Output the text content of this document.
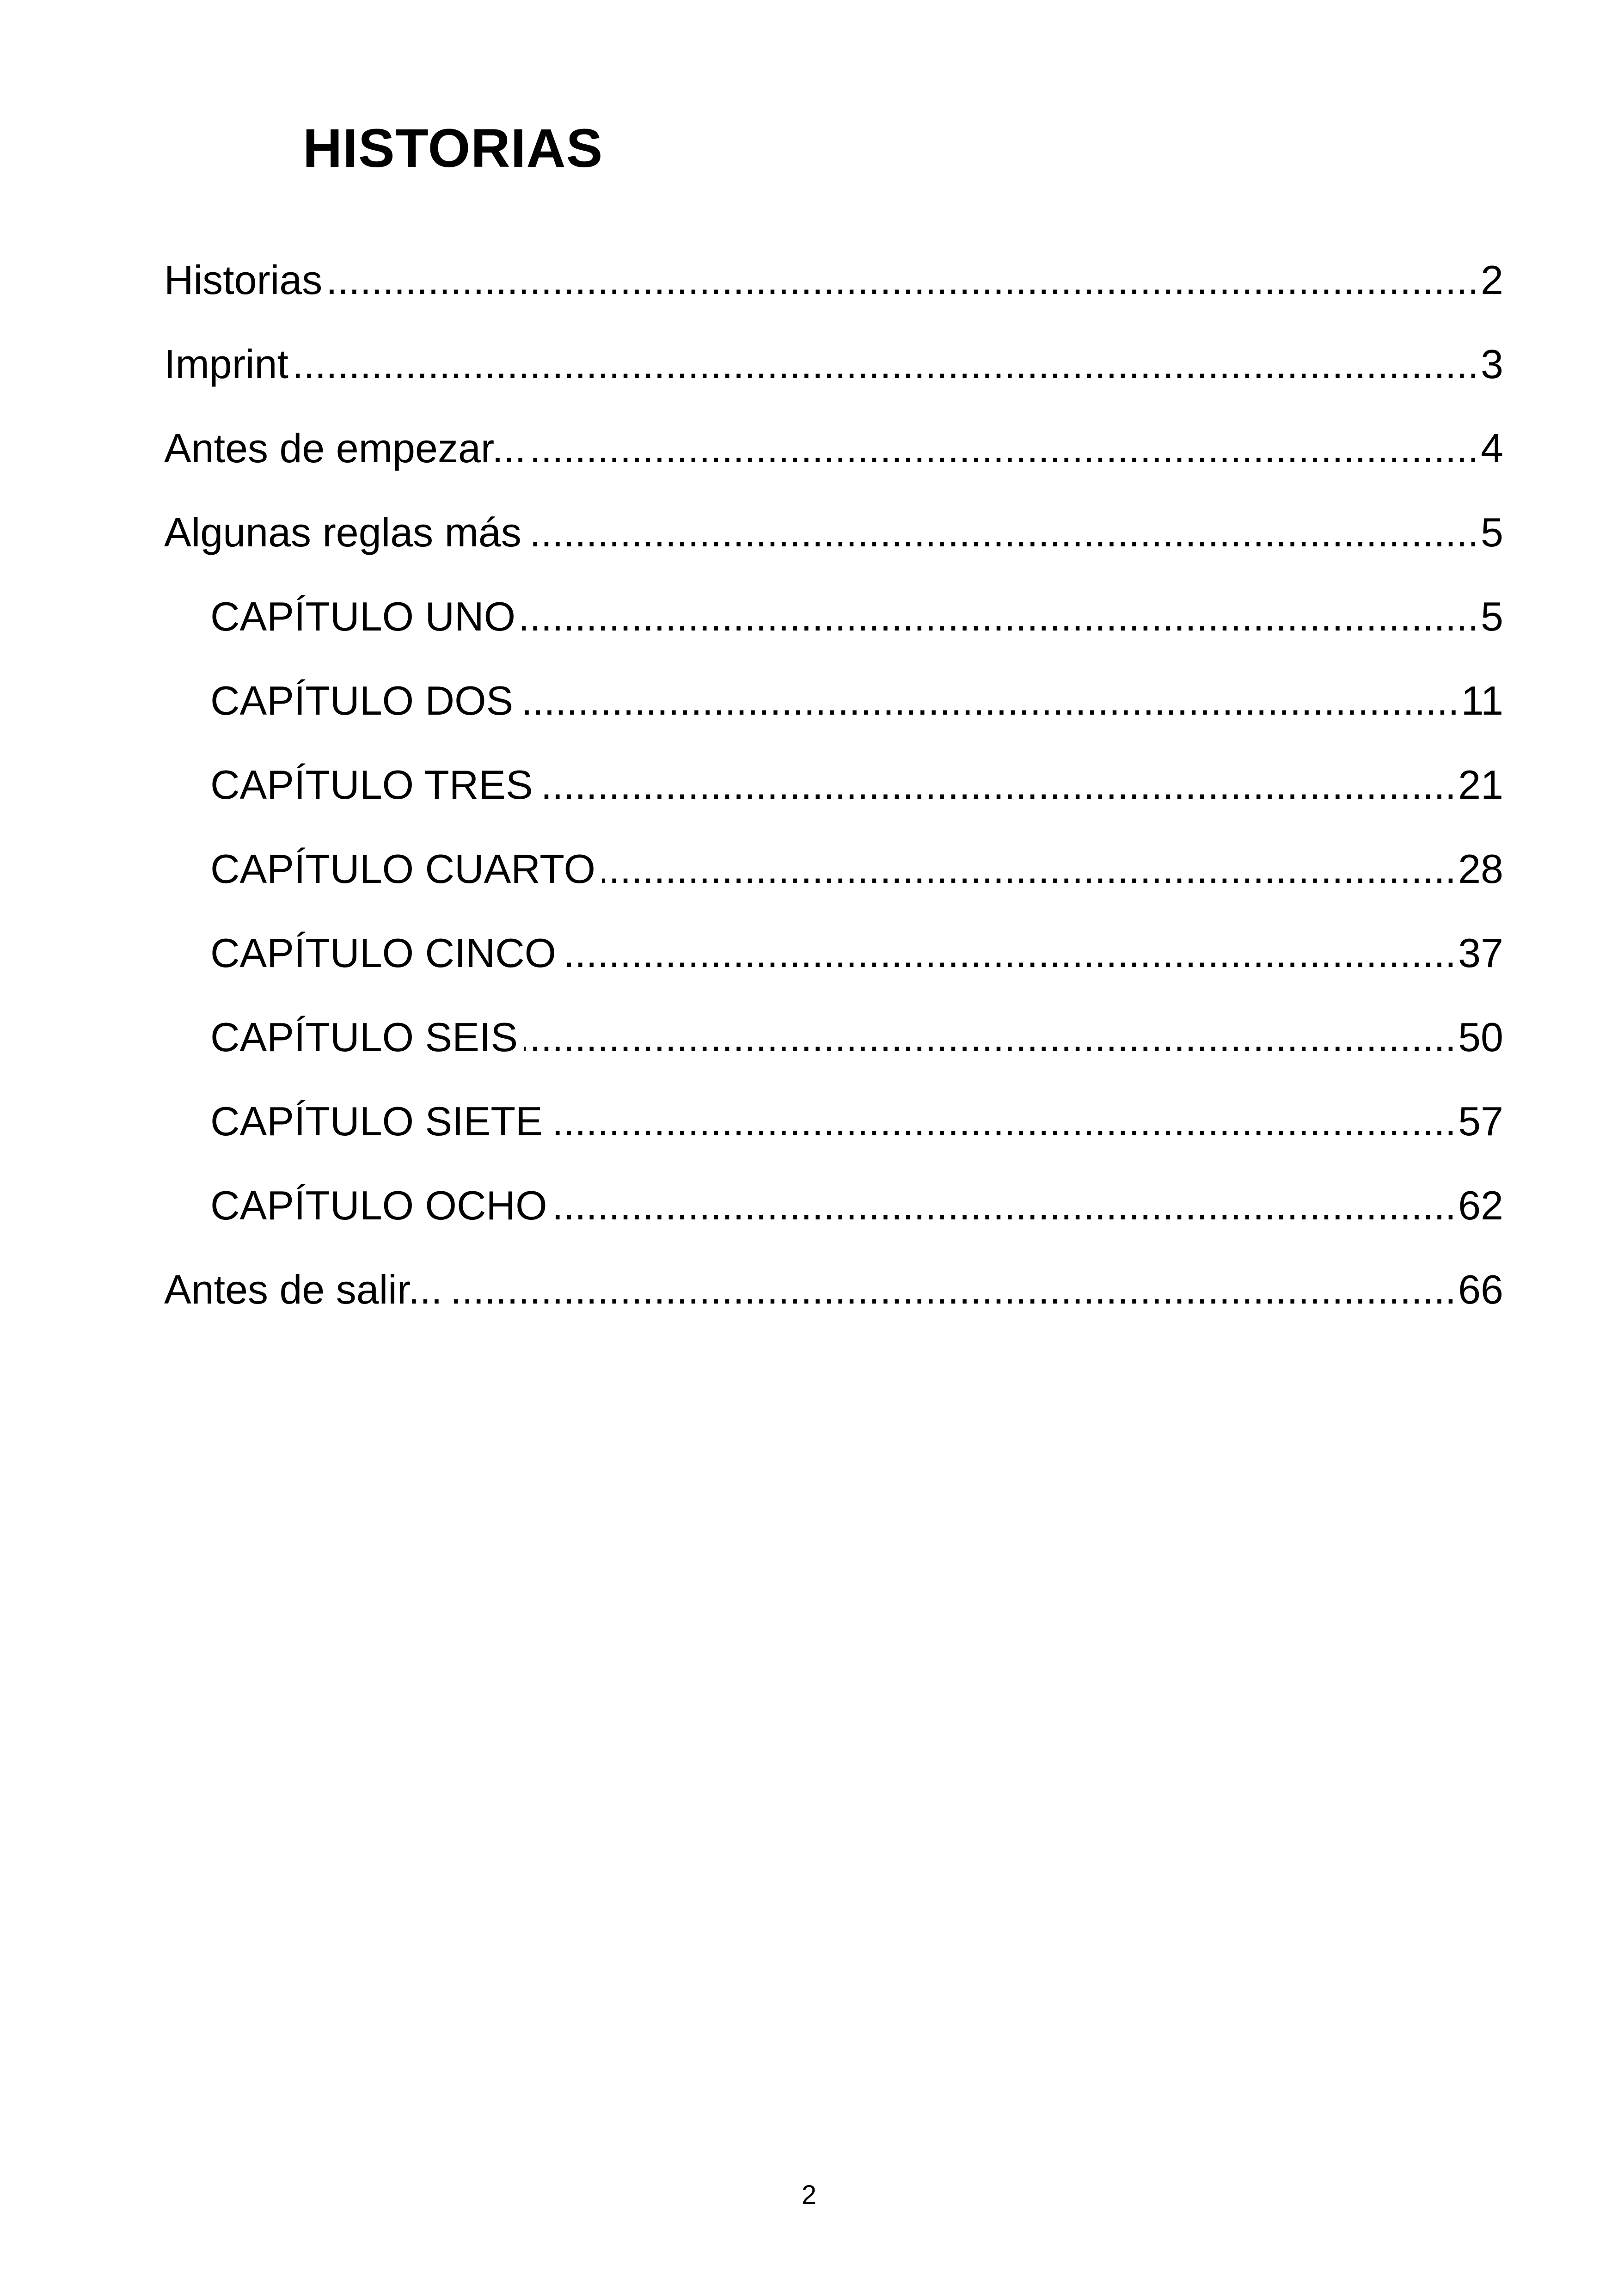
HISTORIAS
Historias .....	2
Imprint .....	3
Antes de empezar... .....	4
Algunas reglas más .....	5
CAPÍTULO UNO .....	5
CAPÍTULO DOS .....	11
CAPÍTULO TRES .....	21
CAPÍTULO CUARTO .....	28
CAPÍTULO CINCO .....	37
CAPÍTULO SEIS .....	50
CAPÍTULO SIETE .....	57
CAPÍTULO OCHO .....	62
Antes de salir... .....	66
2
